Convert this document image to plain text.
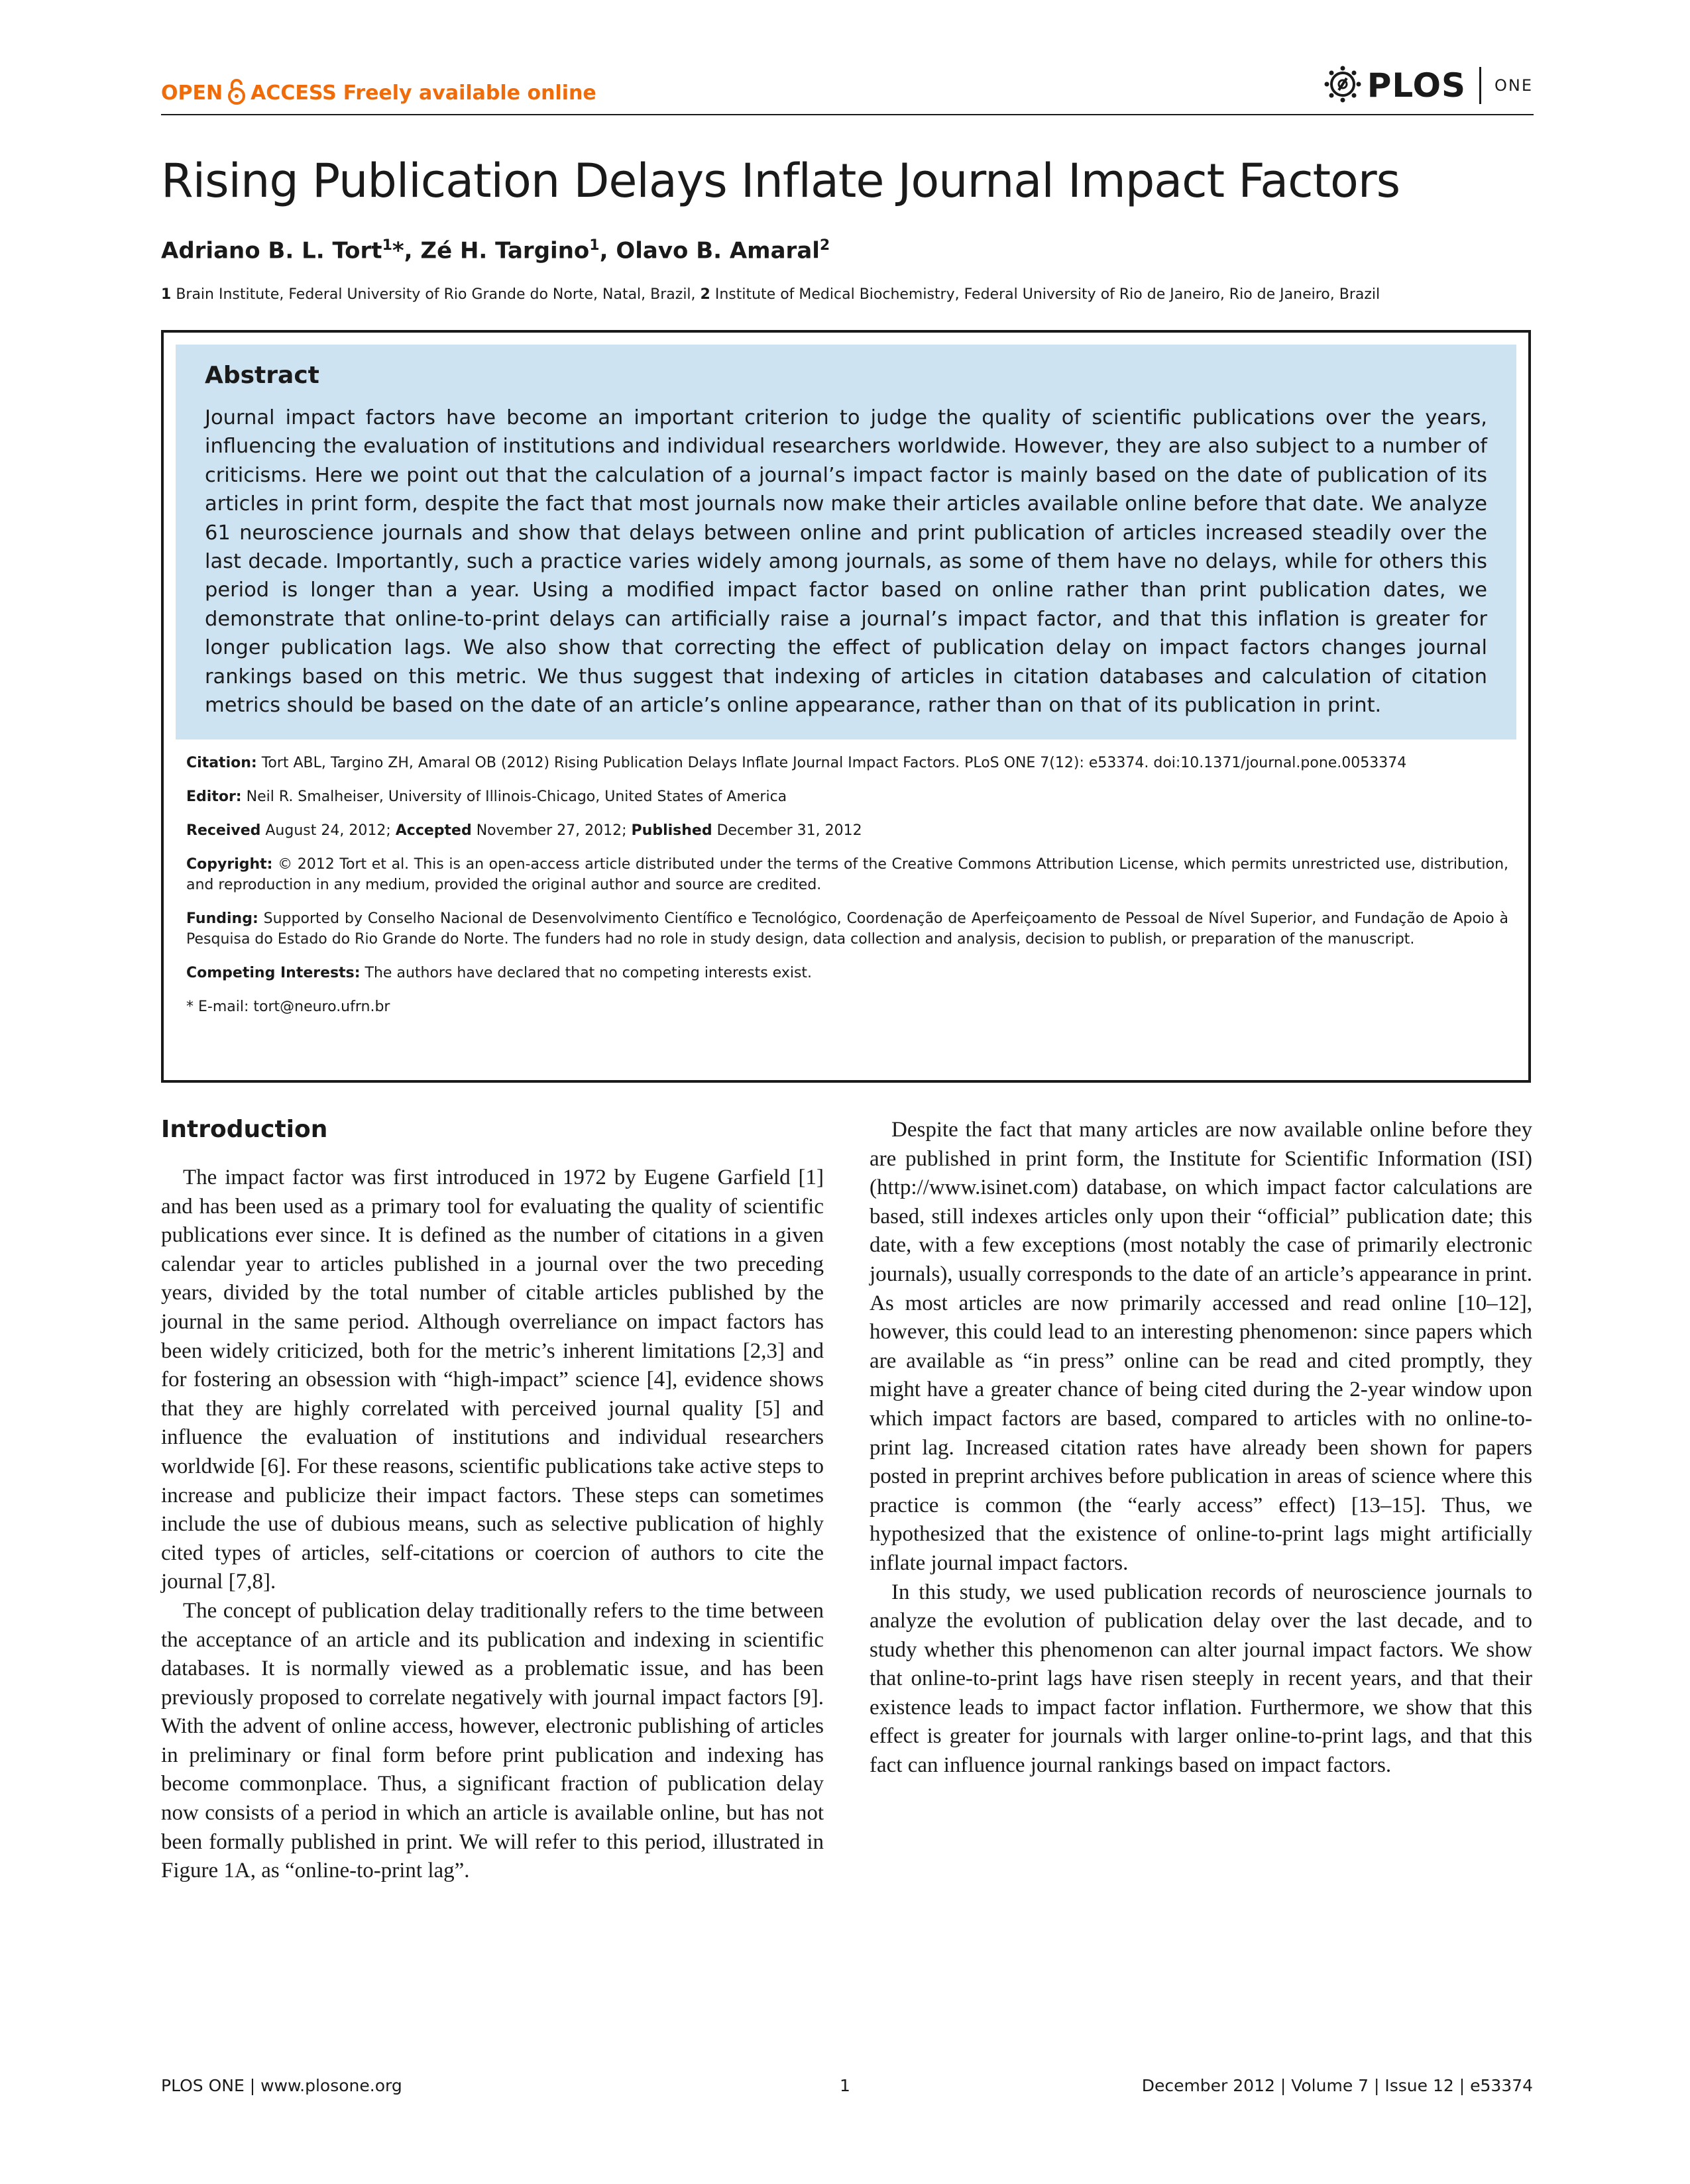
OPEN ACCESS Freely available online	PLOS ONE
Rising Publication Delays Inflate Journal Impact Factors
Adriano B. L. Tort$^1$*, Zé H. Targino$^1$, Olavo B. Amaral$^2$
1 Brain Institute, Federal University of Rio Grande do Norte, Natal, Brazil, 2 Institute of Medical Biochemistry, Federal University of Rio de Janeiro, Rio de Janeiro, Brazil
Abstract

Journal impact factors have become an important criterion to judge the quality of scientific publications over the years, influencing the evaluation of institutions and individual researchers worldwide. However, they are also subject to a number of criticisms. Here we point out that the calculation of a journal’s impact factor is mainly based on the date of publication of its articles in print form, despite the fact that most journals now make their articles available online before that date. We analyze 61 neuroscience journals and show that delays between online and print publication of articles increased steadily over the last decade. Importantly, such a practice varies widely among journals, as some of them have no delays, while for others this period is longer than a year. Using a modified impact factor based on online rather than print publication dates, we demonstrate that online-to-print delays can artificially raise a journal’s impact factor, and that this inflation is greater for longer publication lags. We also show that correcting the effect of publication delay on impact factors changes journal rankings based on this metric. We thus suggest that indexing of articles in citation databases and calculation of citation metrics should be based on the date of an article’s online appearance, rather than on that of its publication in print.

Citation: Tort ABL, Targino ZH, Amaral OB (2012) Rising Publication Delays Inflate Journal Impact Factors. PLoS ONE 7(12): e53374. doi:10.1371/journal.pone.0053374

Editor: Neil R. Smalheiser, University of Illinois-Chicago, United States of America

Received August 24, 2012; Accepted November 27, 2012; Published December 31, 2012

Copyright: © 2012 Tort et al. This is an open-access article distributed under the terms of the Creative Commons Attribution License, which permits unrestricted use, distribution, and reproduction in any medium, provided the original author and source are credited.

Funding: Supported by Conselho Nacional de Desenvolvimento Científico e Tecnológico, Coordenação de Aperfeiçoamento de Pessoal de Nível Superior, and Fundação de Apoio à Pesquisa do Estado do Rio Grande do Norte. The funders had no role in study design, data collection and analysis, decision to publish, or preparation of the manuscript.

Competing Interests: The authors have declared that no competing interests exist.

* E-mail: tort@neuro.ufrn.br

Introduction

The impact factor was first introduced in 1972 by Eugene Garfield [1] and has been used as a primary tool for evaluating the quality of scientific publications ever since. It is defined as the number of citations in a given calendar year to articles published in a journal over the two preceding years, divided by the total number of citable articles published by the journal in the same period. Although overreliance on impact factors has been widely criticized, both for the metric’s inherent limitations [2,3] and for fostering an obsession with “high-impact” science [4], evidence shows that they are highly correlated with perceived journal quality [5] and influence the evaluation of institutions and individual researchers worldwide [6]. For these reasons, scientific publications take active steps to increase and publicize their impact factors. These steps can sometimes include the use of dubious means, such as selective publication of highly cited types of articles, self-citations or coercion of authors to cite the journal [7,8].

The concept of publication delay traditionally refers to the time between the acceptance of an article and its publication and indexing in scientific databases. It is normally viewed as a problematic issue, and has been previously proposed to correlate negatively with journal impact factors [9]. With the advent of online access, however, electronic publishing of articles in preliminary or final form before print publication and indexing has become commonplace. Thus, a significant fraction of publication delay now consists of a period in which an article is available online, but has not been formally published in print. We will refer to this period, illustrated in Figure 1A, as “online-to-print lag”.

Despite the fact that many articles are now available online before they are published in print form, the Institute for Scientific Information (ISI) (http://www.isinet.com) database, on which impact factor calculations are based, still indexes articles only upon their “official” publication date; this date, with a few exceptions (most notably the case of primarily electronic journals), usually corresponds to the date of an article’s appearance in print. As most articles are now primarily accessed and read online [10–12], however, this could lead to an interesting phenomenon: since papers which are available as “in press” online can be read and cited promptly, they might have a greater chance of being cited during the 2-year window upon which impact factors are based, compared to articles with no online-to-print lag. Increased citation rates have already been shown for papers posted in preprint archives before publication in areas of science where this practice is common (the “early access” effect) [13–15]. Thus, we hypothesized that the existence of online-to-print lags might artificially inflate journal impact factors.

In this study, we used publication records of neuroscience journals to analyze the evolution of publication delay over the last decade, and to study whether this phenomenon can alter journal impact factors. We show that online-to-print lags have risen steeply in recent years, and that their existence leads to impact factor inflation. Furthermore, we show that this effect is greater for journals with larger online-to-print lags, and that this fact can influence journal rankings based on impact factors.

PLOS ONE | www.plosone.org	1	December 2012 | Volume 7 | Issue 12 | e53374
